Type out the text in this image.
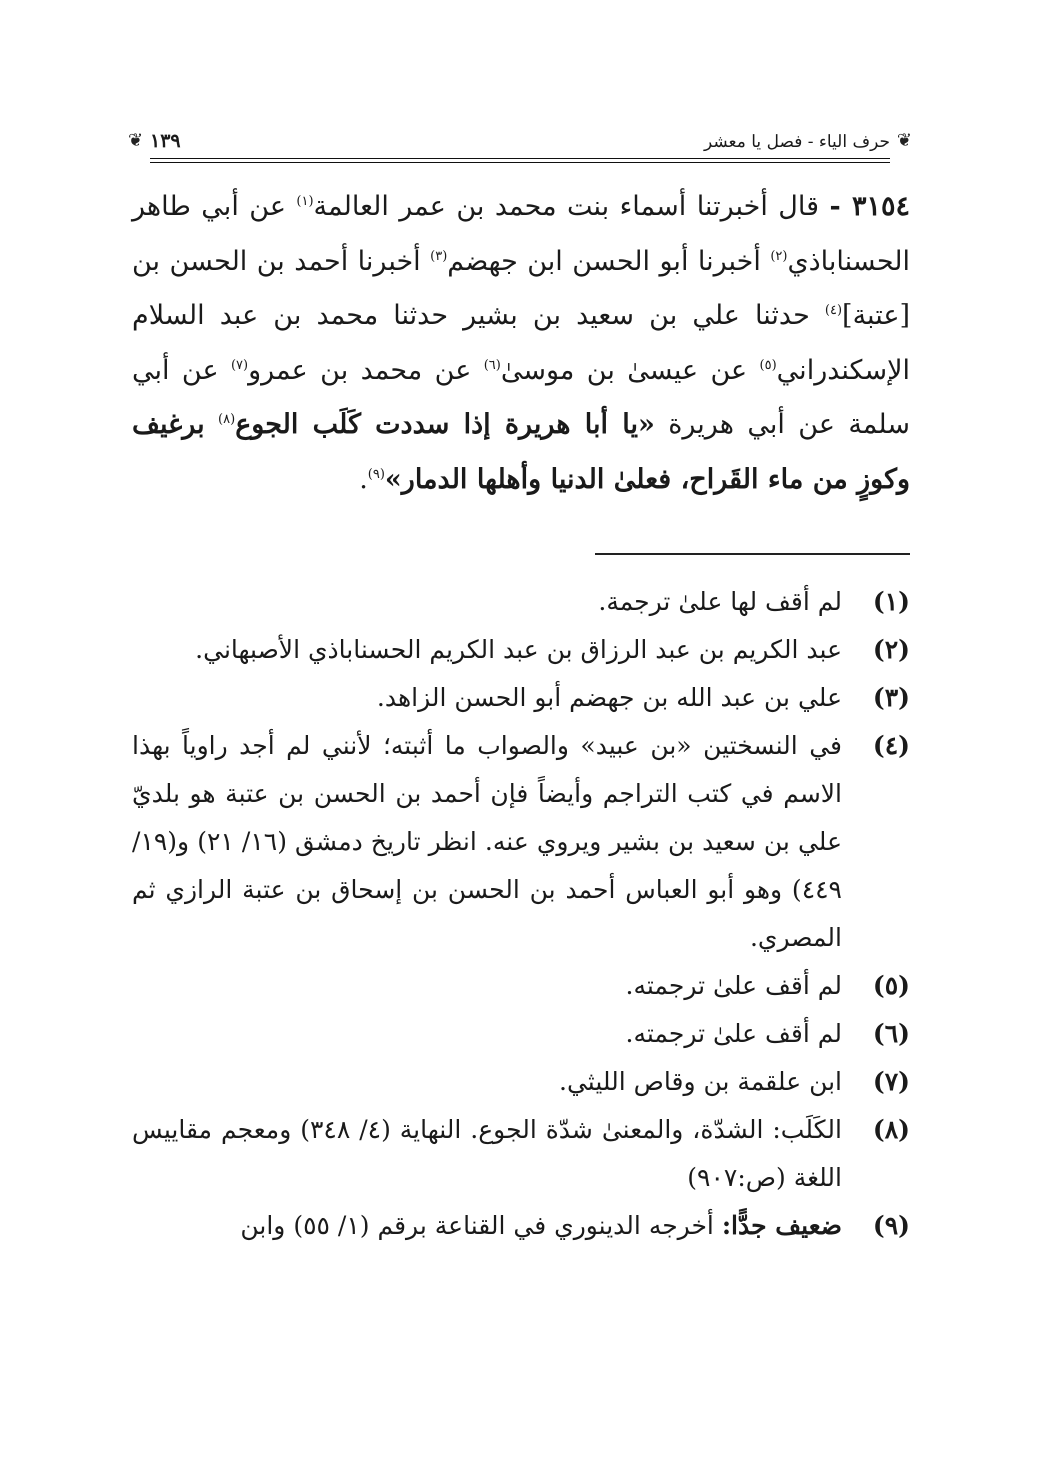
❦
حرف الياء - فصل يا معشر
١٣٩
❦
٣١٥٤ - قال أخبرتنا أسماء بنت محمد بن عمر العالمة$^{(١)}$ عن أبي طاهر الحسناباذي$^{(٢)}$ أخبرنا أبو الحسن ابن جهضم$^{(٣)}$ أخبرنا أحمد بن الحسن بن [عتبة]$^{(٤)}$ حدثنا علي بن سعيد بن بشير حدثنا محمد بن عبد السلام الإسكندراني$^{(٥)}$ عن عيسىٰ بن موسىٰ$^{(٦)}$ عن محمد بن عمرو$^{(٧)}$ عن أبي سلمة عن أبي هريرة «يا أبا هريرة إذا سددت كَلَب الجوع$^{(٨)}$ برغيف وكوزٍ من ماء القَراح، فعلىٰ الدنيا وأهلها الدمار»$^{(٩)}$.
(١)
لم أقف لها علىٰ ترجمة.
(٢)
عبد الكريم بن عبد الرزاق بن عبد الكريم الحسناباذي الأصبهاني.
(٣)
علي بن عبد الله بن جهضم أبو الحسن الزاهد.
(٤)
في النسختين «بن عبيد» والصواب ما أثبته؛ لأنني لم أجد راوياً بهذا الاسم في كتب التراجم وأيضاً فإن أحمد بن الحسن بن عتبة هو بلديّ علي بن سعيد بن بشير ويروي عنه. انظر تاريخ دمشق (١٦/ ٢١) و(١٩/ ٤٤٩) وهو أبو العباس أحمد بن الحسن بن إسحاق بن عتبة الرازي ثم المصري.
(٥)
لم أقف علىٰ ترجمته.
(٦)
لم أقف علىٰ ترجمته.
(٧)
ابن علقمة بن وقاص الليثي.
(٨)
الكَلَب: الشدّة، والمعنىٰ شدّة الجوع. النهاية (٤/ ٣٤٨) ومعجم مقاييس اللغة (ص:٩٠٧)
(٩)
ضعيف جدًّا: أخرجه الدينوري في القناعة برقم (١/ ٥٥) وابن
